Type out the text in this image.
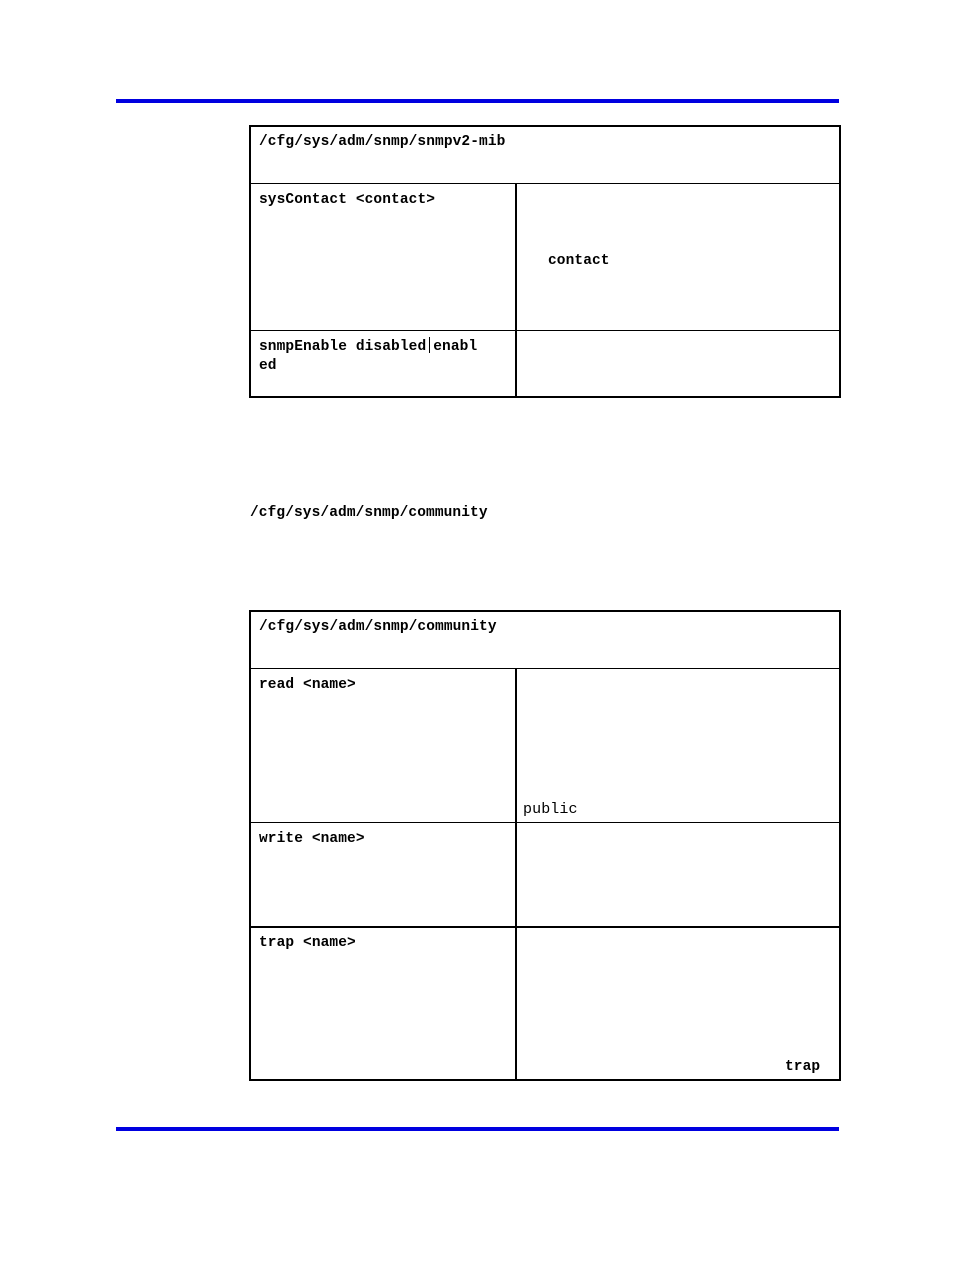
/cfg/sys/adm/snmp/snmpv2-mib
sysContact <contact>
contact
snmpEnable disabled enabl
ed
/cfg/sys/adm/snmp/community
/cfg/sys/adm/snmp/community
read <name>
public
write <name>
trap <name>
trap
